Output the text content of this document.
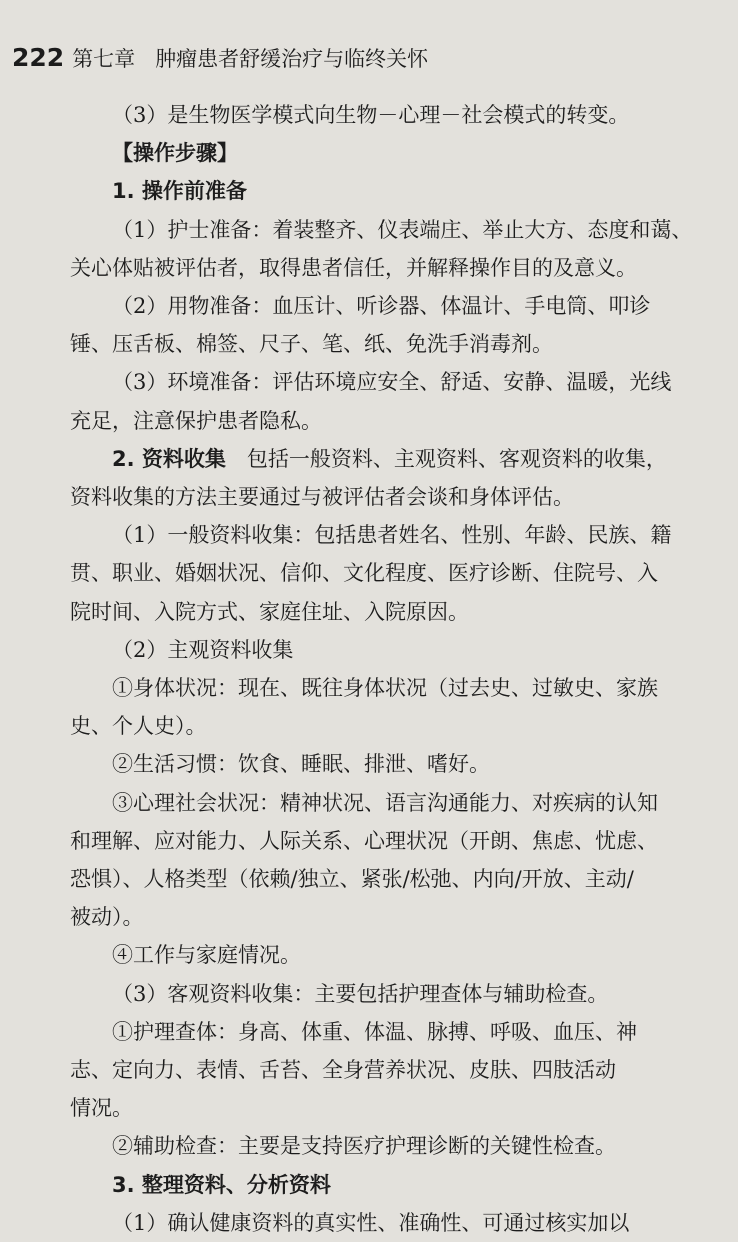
222 第七章 肿瘤患者舒缓治疗与临终关怀

（3）是生物医学模式向生物－心理－社会模式的转变。

【操作步骤】

1. 操作前准备

（1）护士准备：着装整齐、仪表端庄、举止大方、态度和蔼、

关心体贴被评估者，取得患者信任，并解释操作目的及意义。

（2）用物准备：血压计、听诊器、体温计、手电筒、叩诊

锤、压舌板、棉签、尺子、笔、纸、免洗手消毒剂。

（3）环境准备：评估环境应安全、舒适、安静、温暖，光线

充足，注意保护患者隐私。

2. 资料收集  包括一般资料、主观资料、客观资料的收集，

资料收集的方法主要通过与被评估者会谈和身体评估。

（1）一般资料收集：包括患者姓名、性别、年龄、民族、籍

贯、职业、婚姻状况、信仰、文化程度、医疗诊断、住院号、入

院时间、入院方式、家庭住址、入院原因。

（2）主观资料收集

①身体状况：现在、既往身体状况（过去史、过敏史、家族

史、个人史）。

②生活习惯：饮食、睡眠、排泄、嗜好。

③心理社会状况：精神状况、语言沟通能力、对疾病的认知

和理解、应对能力、人际关系、心理状况（开朗、焦虑、忧虑、

恐惧）、人格类型（依赖/独立、紧张/松弛、内向/开放、主动/

被动）。

④工作与家庭情况。

（3）客观资料收集：主要包括护理查体与辅助检查。

①护理查体：身高、体重、体温、脉搏、呼吸、血压、神

志、定向力、表情、舌苔、全身营养状况、皮肤、四肢活动

情况。

②辅助检查：主要是支持医疗护理诊断的关键性检查。

3. 整理资料、分析资料

（1）确认健康资料的真实性、准确性、可通过核实加以
